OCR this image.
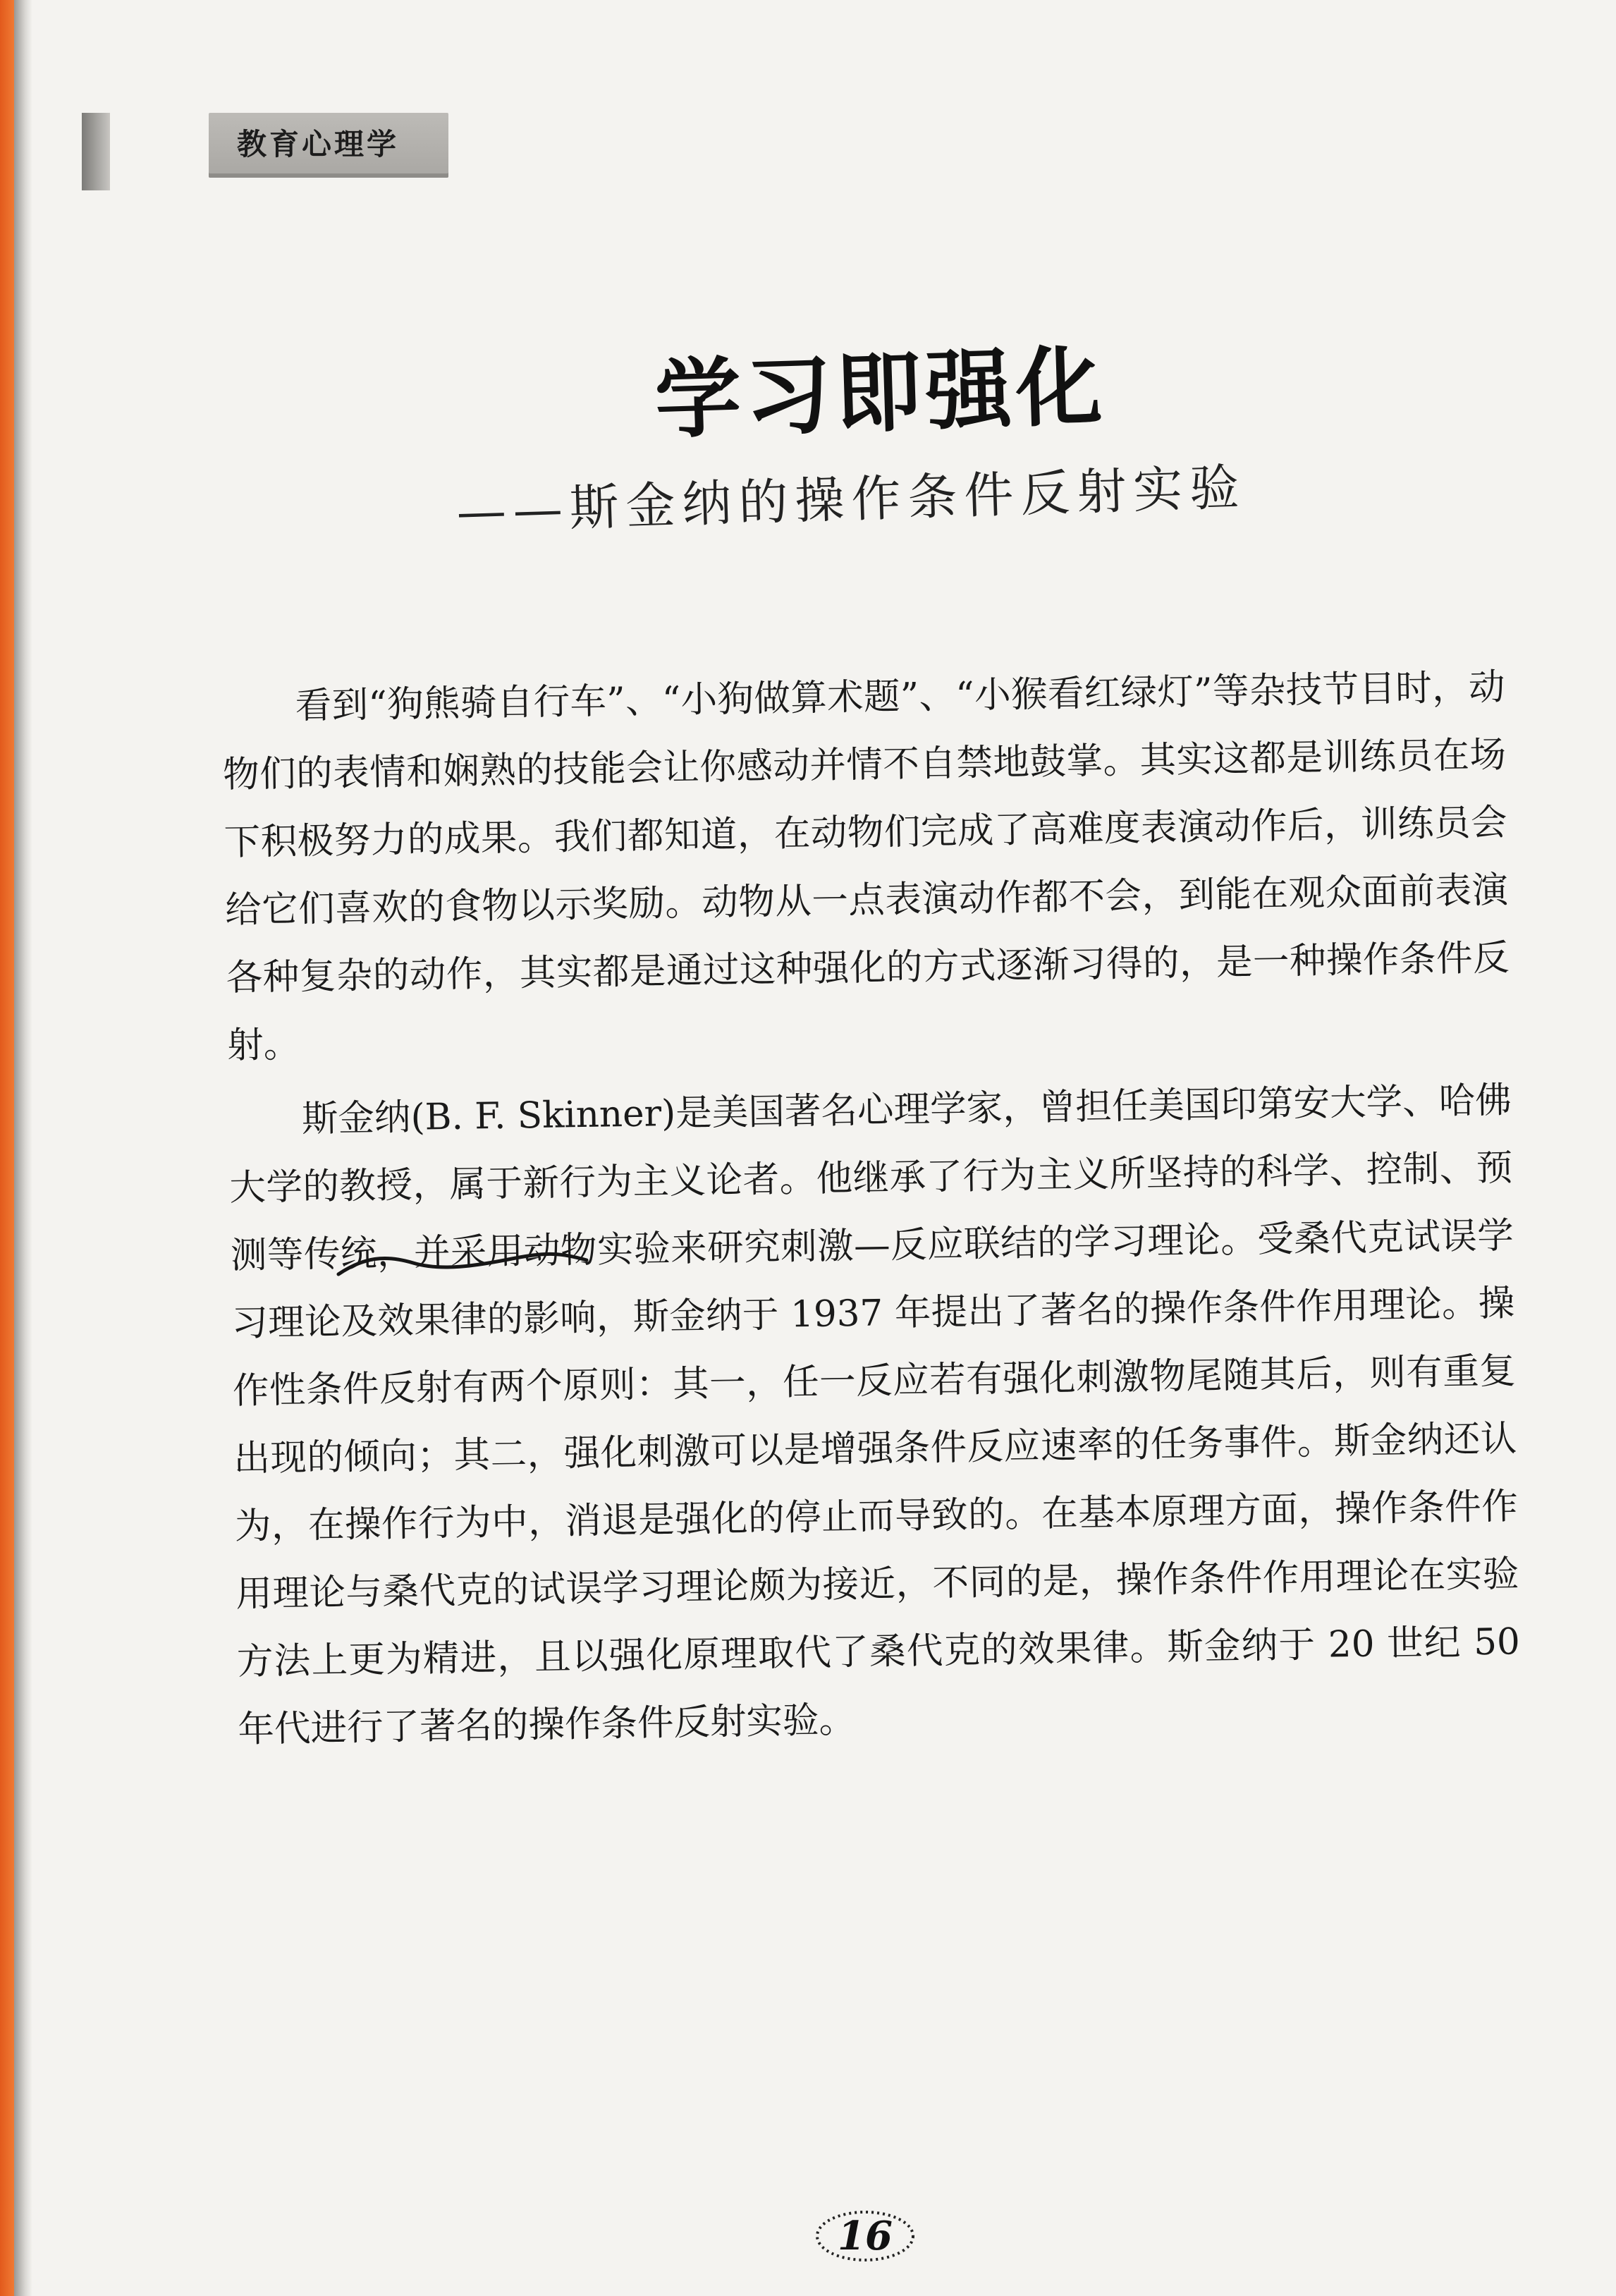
教育心理学
学习即强化
——斯金纳的操作条件反射实验

看到“狗熊骑自行车”、“小狗做算术题”、“小猴看红绿灯”等杂技节目时，动物们的表情和娴熟的技能会让你感动并情不自禁地鼓掌。其实这都是训练员在场下积极努力的成果。我们都知道，在动物们完成了高难度表演动作后，训练员会给它们喜欢的食物以示奖励。动物从一点表演动作都不会，到能在观众面前表演各种复杂的动作，其实都是通过这种强化的方式逐渐习得的，是一种操作条件反射。

斯金纳(B. F. Skinner)是美国著名心理学家，曾担任美国印第安大学、哈佛大学的教授，属于新行为主义论者。他继承了行为主义所坚持的科学、控制、预测等传统，并采用动物实验来研究刺激—反应联结的学习理论。受桑代克试误学习理论及效果律的影响，斯金纳于 1937 年提出了著名的操作条件作用理论。操作性条件反射有两个原则：其一，任一反应若有强化刺激物尾随其后，则有重复出现的倾向；其二，强化刺激可以是增强条件反应速率的任务事件。斯金纳还认为，在操作行为中，消退是强化的停止而导致的。在基本原理方面，操作条件作用理论与桑代克的试误学习理论颇为接近，不同的是，操作条件作用理论在实验方法上更为精进，且以强化原理取代了桑代克的效果律。斯金纳于 20 世纪 50 年代进行了著名的操作条件反射实验。

16
